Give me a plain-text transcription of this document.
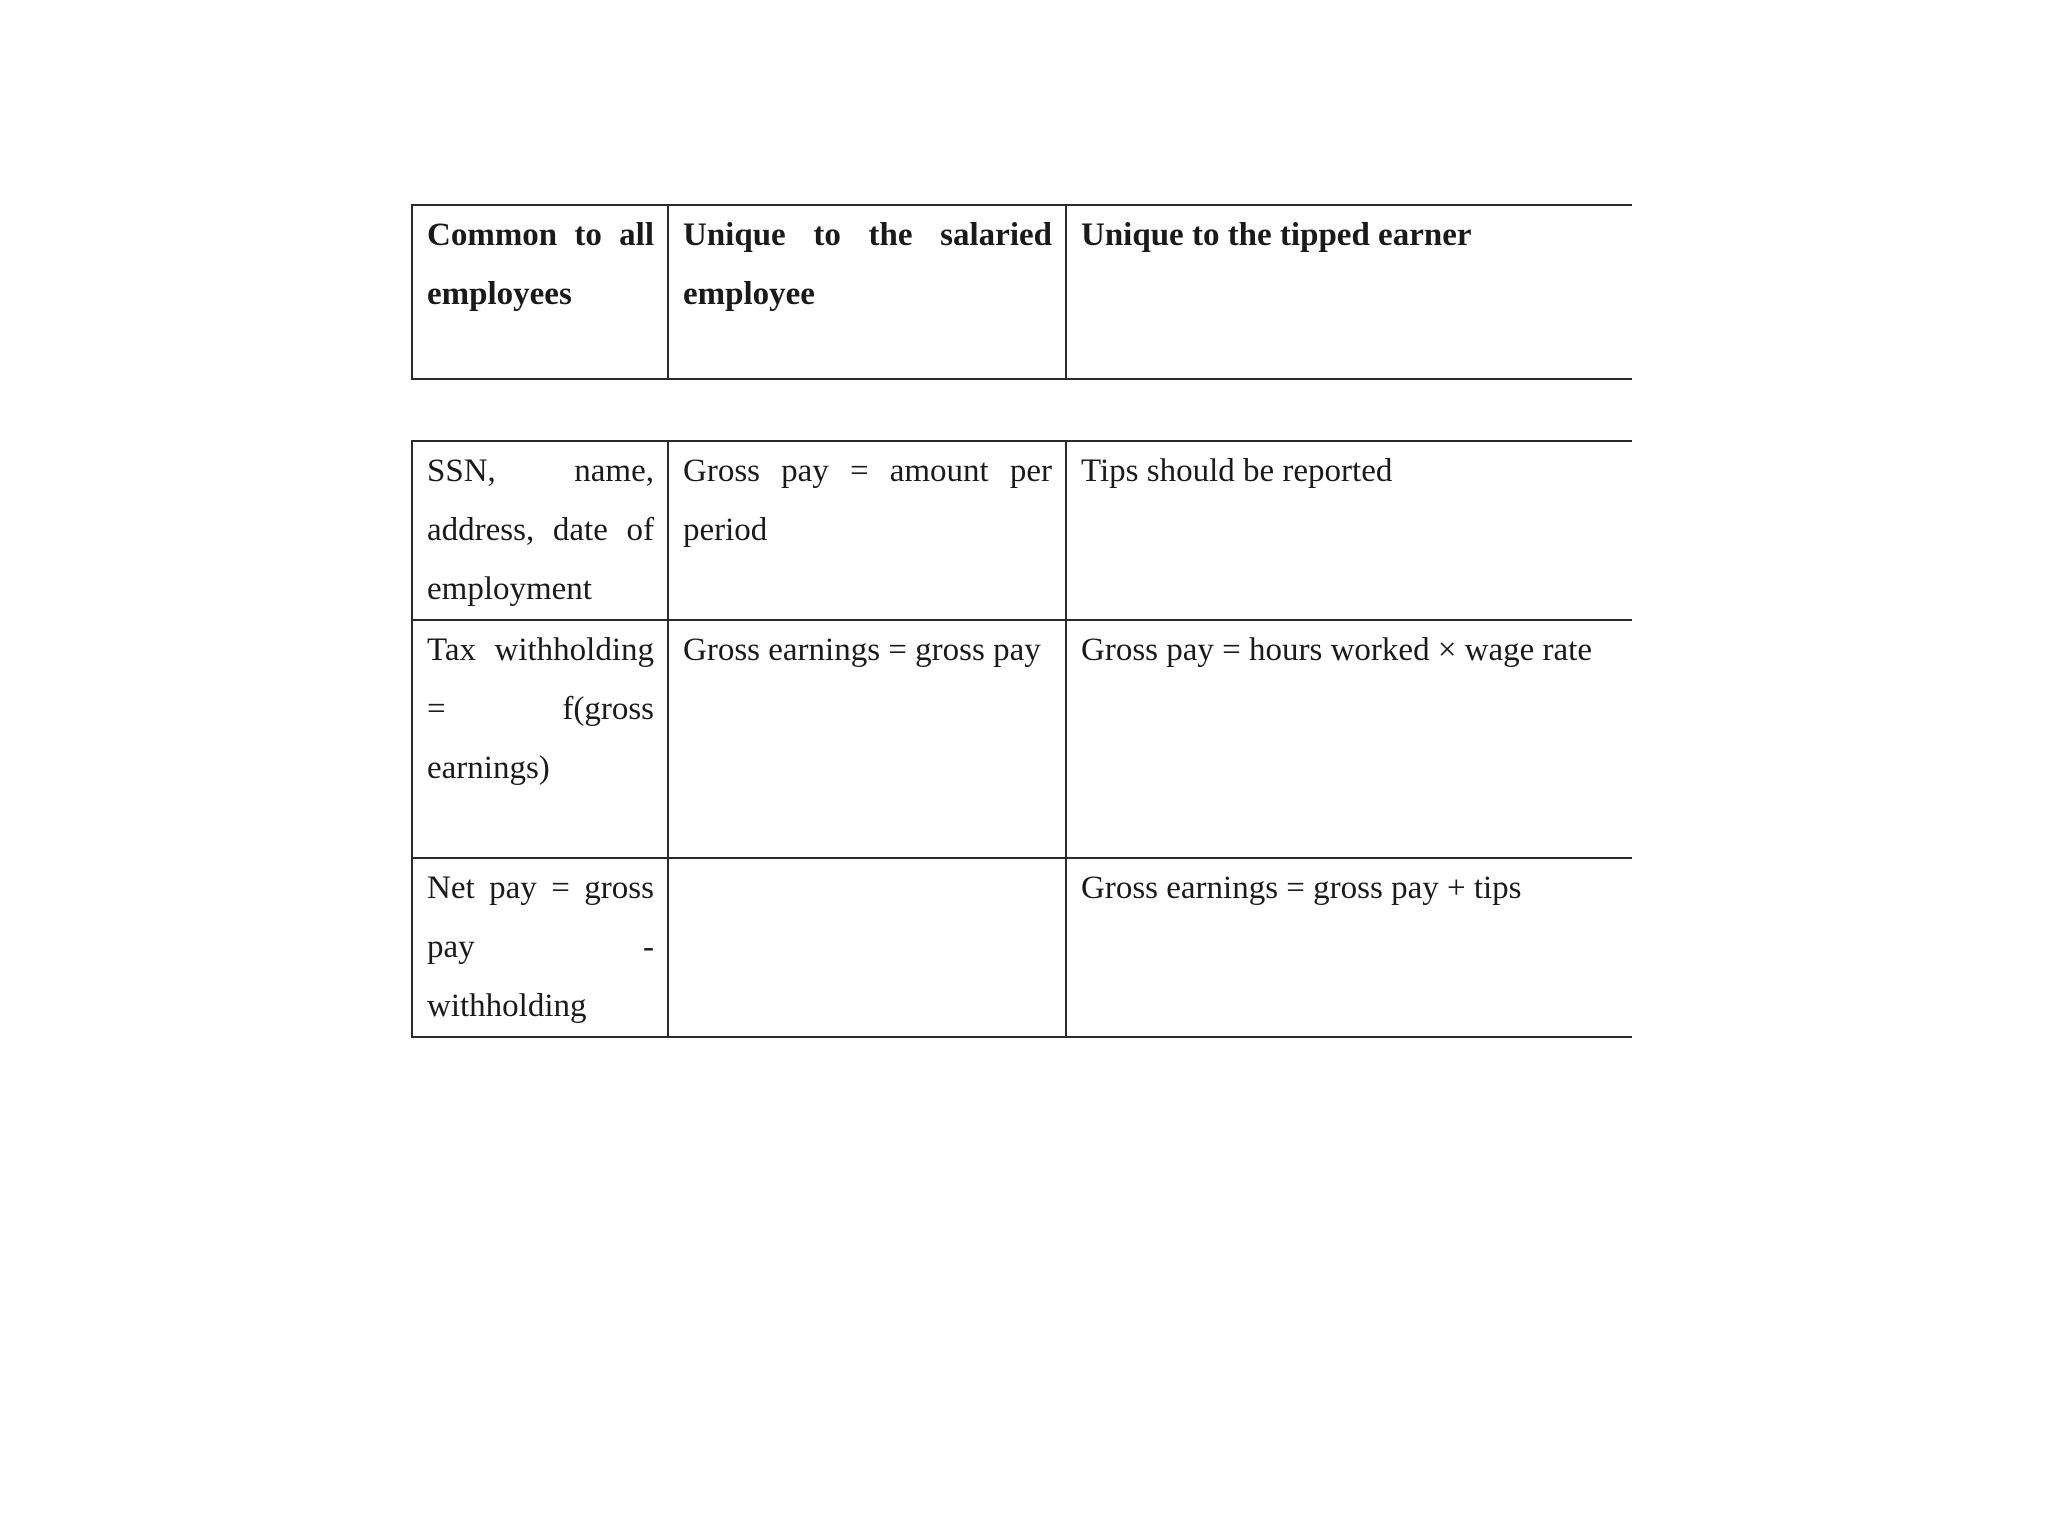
Common to all employees	Unique to the salaried employee	Unique to the tipped earner
SSN, name, address, date of employment	Gross pay = amount per period	Tips should be reported
Tax withholding = f(gross earnings)	Gross earnings = gross pay	Gross pay = hours worked × wage rate
Net pay = gross pay - withholding		Gross earnings = gross pay + tips
